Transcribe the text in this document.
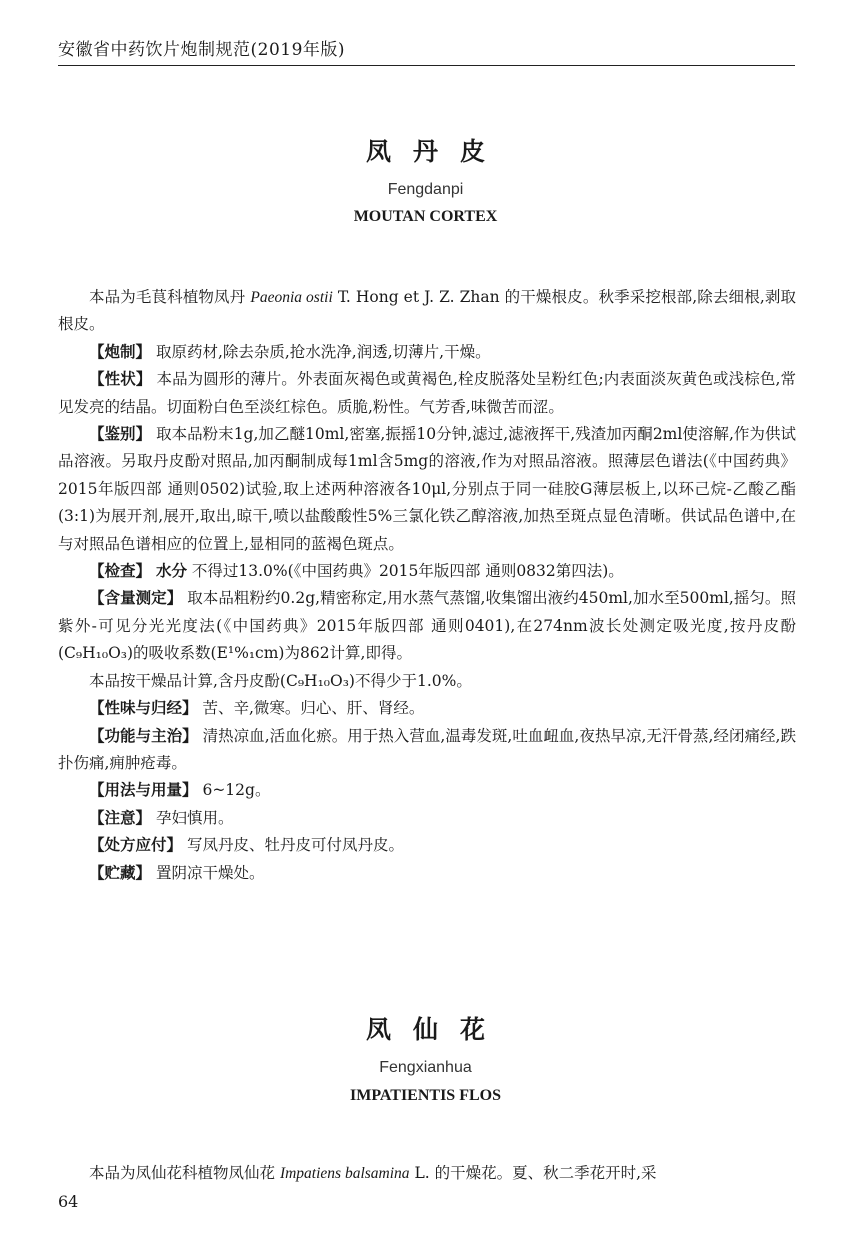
安徽省中药饮片炮制规范(2019年版)
凤丹皮
Fengdanpi
MOUTAN CORTEX

本品为毛茛科植物凤丹 Paeonia ostii T. Hong et J. Z. Zhan 的干燥根皮。秋季采挖根部,除去细根,剥取根皮。

【炮制】 取原药材,除去杂质,抢水洗净,润透,切薄片,干燥。

【性状】 本品为圆形的薄片。外表面灰褐色或黄褐色,栓皮脱落处呈粉红色;内表面淡灰黄色或浅棕色,常见发亮的结晶。切面粉白色至淡红棕色。质脆,粉性。气芳香,味微苦而涩。

【鉴别】 取本品粉末1g,加乙醚10ml,密塞,振摇10分钟,滤过,滤液挥干,残渣加丙酮2ml使溶解,作为供试品溶液。另取丹皮酚对照品,加丙酮制成每1ml含5mg的溶液,作为对照品溶液。照薄层色谱法(《中国药典》2015年版四部 通则0502)试验,取上述两种溶液各10μl,分别点于同一硅胶G薄层板上,以环己烷-乙酸乙酯(3:1)为展开剂,展开,取出,晾干,喷以盐酸酸性5%三氯化铁乙醇溶液,加热至斑点显色清晰。供试品色谱中,在与对照品色谱相应的位置上,显相同的蓝褐色斑点。

【检查】 水分 不得过13.0%(《中国药典》2015年版四部 通则0832第四法)。

【含量测定】 取本品粗粉约0.2g,精密称定,用水蒸气蒸馏,收集馏出液约450ml,加水至500ml,摇匀。照紫外-可见分光光度法(《中国药典》2015年版四部 通则0401),在274nm波长处测定吸光度,按丹皮酚(C₉H₁₀O₃)的吸收系数(E¹%₁cm)为862计算,即得。

本品按干燥品计算,含丹皮酚(C₉H₁₀O₃)不得少于1.0%。

【性味与归经】 苦、辛,微寒。归心、肝、肾经。

【功能与主治】 清热凉血,活血化瘀。用于热入营血,温毒发斑,吐血衄血,夜热早凉,无汗骨蒸,经闭痛经,跌扑伤痛,痈肿疮毒。

【用法与用量】 6~12g。

【注意】 孕妇慎用。

【处方应付】 写凤丹皮、牡丹皮可付凤丹皮。

【贮藏】 置阴凉干燥处。

凤仙花
Fengxianhua
IMPATIENTIS FLOS

本品为凤仙花科植物凤仙花 Impatiens balsamina L. 的干燥花。夏、秋二季花开时,采

64
